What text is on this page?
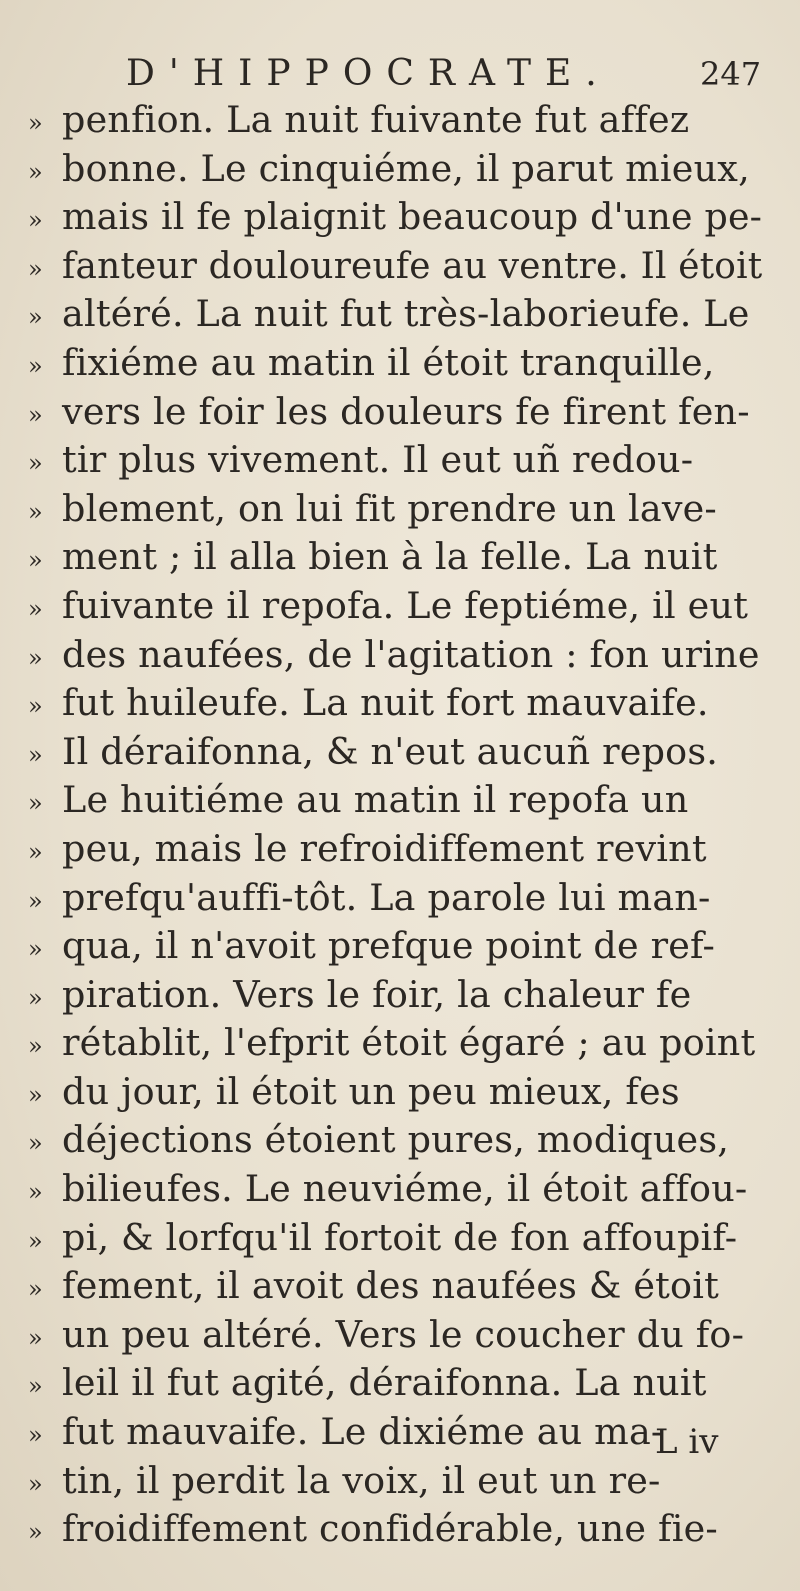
D'HIPPOCRATE.	247
» penfion. La nuit fuivante fut affez
» bonne. Le cinquiéme, il parut mieux,
» mais il fe plaignit beaucoup d'une pe-
» fanteur douloureufe au ventre. Il étoit
» altéré. La nuit fut très-laborieufe. Le
» fixiéme au matin il étoit tranquille,
» vers le foir les douleurs fe firent fen-
» tir plus vivement. Il eut uñ redou-
» blement, on lui fit prendre un lave-
» ment ; il alla bien à la felle. La nuit
» fuivante il repofa. Le feptiéme, il eut
» des naufées, de l'agitation : fon urine
» fut huileufe. La nuit fort mauvaife.
» Il déraifonna, & n'eut aucuñ repos.
» Le huitiéme au matin il repofa un
» peu, mais le refroidiffement revint
» prefqu'auffi-tôt. La parole lui man-
» qua, il n'avoit prefque point de ref-
» piration. Vers le foir, la chaleur fe
» rétablit, l'efprit étoit égaré ; au point
» du jour, il étoit un peu mieux, fes
» déjections étoient pures, modiques,
» bilieufes. Le neuviéme, il étoit affou-
» pi, & lorfqu'il fortoit de fon affoupif-
» fement, il avoit des naufées & étoit
» un peu altéré. Vers le coucher du fo-
» leil il fut agité, déraifonna. La nuit
» fut mauvaife. Le dixiéme au ma-
» tin, il perdit la voix, il eut un re-
» froidiffement confidérable, une fie-
L iv
